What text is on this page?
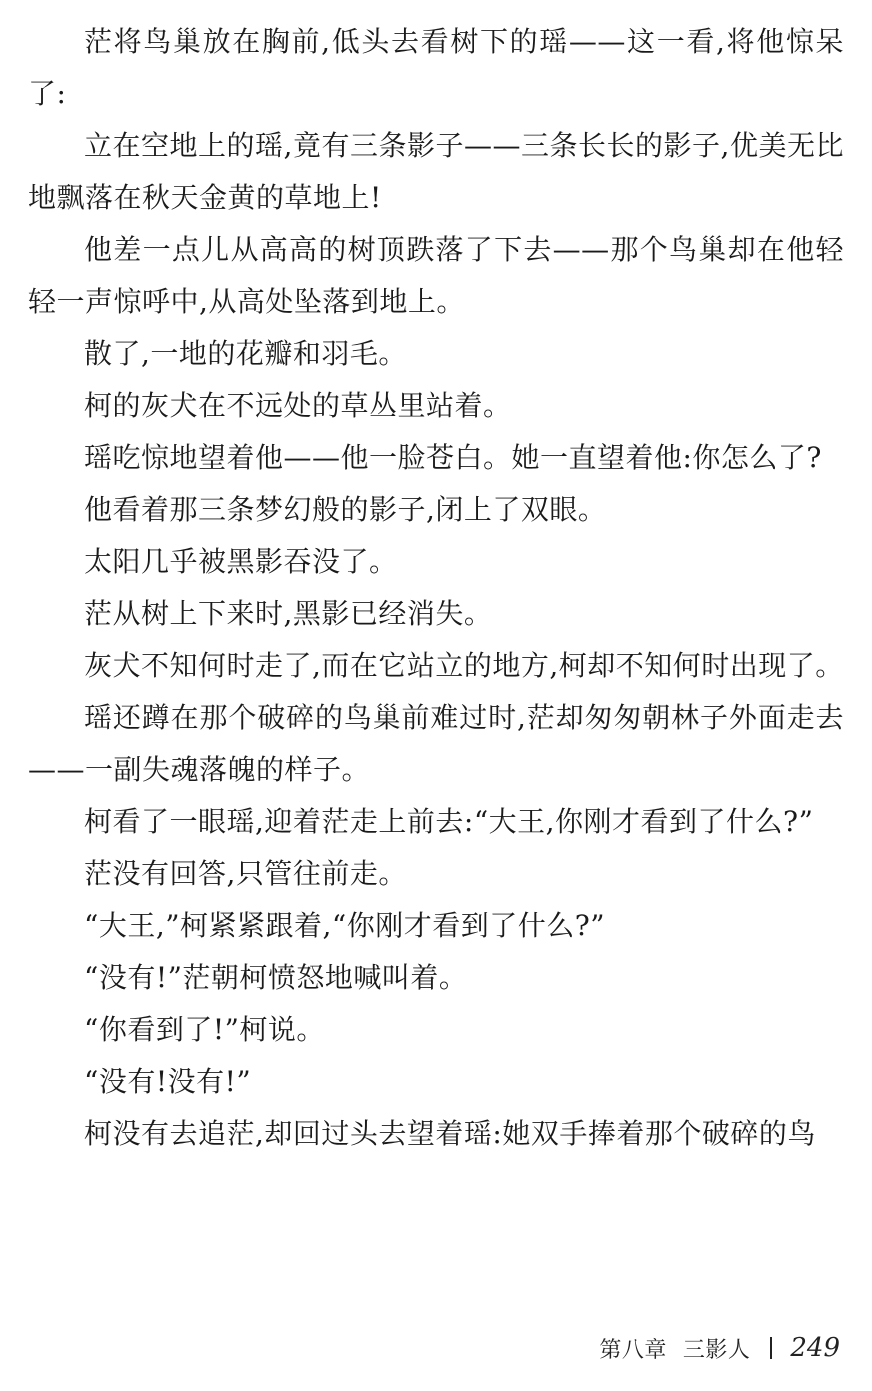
茫将鸟巢放在胸前,低头去看树下的瑶——这一看,将他惊呆了:

立在空地上的瑶,竟有三条影子——三条长长的影子,优美无比地飘落在秋天金黄的草地上!

他差一点儿从高高的树顶跌落了下去——那个鸟巢却在他轻轻一声惊呼中,从高处坠落到地上。

散了,一地的花瓣和羽毛。

柯的灰犬在不远处的草丛里站着。

瑶吃惊地望着他——他一脸苍白。她一直望着他:你怎么了?

他看着那三条梦幻般的影子,闭上了双眼。

太阳几乎被黑影吞没了。

茫从树上下来时,黑影已经消失。

灰犬不知何时走了,而在它站立的地方,柯却不知何时出现了。

瑶还蹲在那个破碎的鸟巢前难过时,茫却匆匆朝林子外面走去——一副失魂落魄的样子。

柯看了一眼瑶,迎着茫走上前去:“大王,你刚才看到了什么?”

茫没有回答,只管往前走。

“大王,”柯紧紧跟着,“你刚才看到了什么?”

“没有!”茫朝柯愤怒地喊叫着。

“你看到了!”柯说。

“没有!没有!”

柯没有去追茫,却回过头去望着瑶:她双手捧着那个破碎的鸟

第八章 三影人 249
